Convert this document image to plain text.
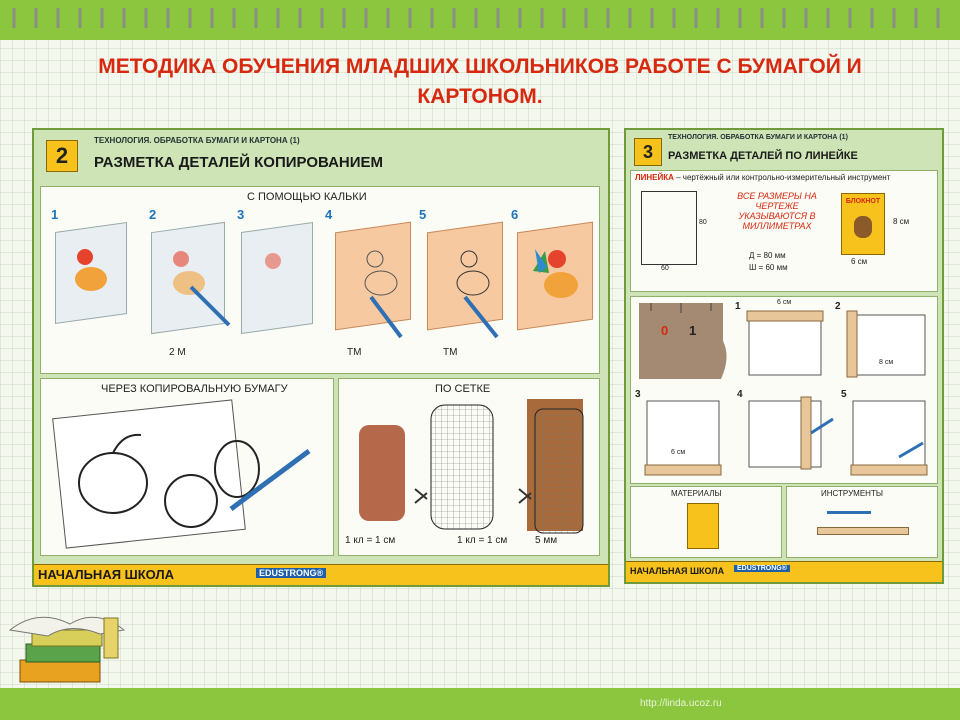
МЕТОДИКА ОБУЧЕНИЯ МЛАДШИХ ШКОЛЬНИКОВ РАБОТЕ С БУМАГОЙ И КАРТОНОМ.
2
ТЕХНОЛОГИЯ. ОБРАБОТКА БУМАГИ И КАРТОНА (1)
РАЗМЕТКА ДЕТАЛЕЙ КОПИРОВАНИЕМ
С ПОМОЩЬЮ КАЛЬКИ
1	2	3	4	5	6
2 М	ТМ	ТМ
ЧЕРЕЗ КОПИРОВАЛЬНУЮ БУМАГУ	ПО СЕТКЕ
1 кл = 1 см	1 кл = 1 см	5 мм
НАЧАЛЬНАЯ ШКОЛА	EDUSTRONG®
3
ТЕХНОЛОГИЯ. ОБРАБОТКА БУМАГИ И КАРТОНА (1)
РАЗМЕТКА ДЕТАЛЕЙ ПО ЛИНЕЙКЕ
ЛИНЕЙКА – чертёжный или контрольно-измерительный инструмент
80
60
ВСЕ РАЗМЕРЫ НА ЧЕРТЕЖЕ УКАЗЫВАЮТСЯ В МИЛЛИМЕТРАХ
Д = 80 мм
Ш = 60 мм
БЛОКНОТ
8 см
6 см
0 1
1	2
3	4	5
6 см
8 см
6 см
МАТЕРИАЛЫ	ИНСТРУМЕНТЫ
НАЧАЛЬНАЯ ШКОЛА	EDUSTRONG®
http://linda.ucoz.ru
